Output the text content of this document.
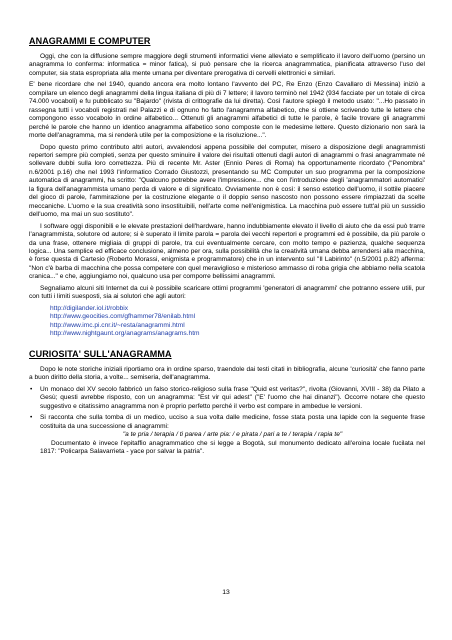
ANAGRAMMI E COMPUTER

Oggi, che con la diffusione sempre maggiore degli strumenti informatici viene alleviato e semplificato il lavoro dell'uomo (persino un anagramma lo conferma: informatica = minor fatica), si può pensare che la ricerca anagrammatica, pianificata attraverso l'uso del computer, sia stata espropriata alla mente umana per diventare prerogativa di cervelli elettronici e similari.

E' bene ricordare che nel 1940, quando ancora era molto lontano l'avvento del PC, Re Enzo (Enzo Cavallaro di Messina) iniziò a compilare un elenco degli anagrammi della lingua italiana di più di 7 lettere; il lavoro terminò nel 1942 (934 facciate per un totale di circa 74.000 vocaboli) e fu pubblicato su "Bajardo" (rivista di crittografie da lui diretta). Così l'autore spiegò il metodo usato: "...Ho passato in rassegna tutti i vocaboli registrati nel Palazzi e di ognuno ho fatto l'anagramma alfabetico, che si ottiene scrivendo tutte le lettere che compongono esso vocabolo in ordine alfabetico... Ottenuti gli anagrammi alfabetici di tutte le parole, è facile trovare gli anagrammi perché le parole che hanno un identico anagramma alfabetico sono composte con le medesime lettere. Questo dizionario non sarà la morte dell'anagramma, ma si renderà utile per la composizione e la risoluzione...".

Dopo questo primo contributo altri autori, avvalendosi appena possibile del computer, misero a disposizione degli anagrammisti repertori sempre più completi, senza per questo sminuire il valore dei risultati ottenuti dagli autori di anagrammi o frasi anagrammate né sollevare dubbi sulla loro correttezza. Più di recente Mr. Aster (Ennio Peres di Roma) ha opportunamente ricordato ("Penombra" n.6/2001 p.16) che nel 1993 l'informatico Corrado Giustozzi, presentando su MC Computer un suo programma per la composizione automatica di anagrammi, ha scritto: "Qualcuno potrebbe avere l'impressione... che con l'introduzione degli 'anagrammatori automatici' la figura dell'anagrammista umano perda di valore e di significato. Ovviamente non è così: il senso estetico dell'uomo, il sottile piacere del gioco di parole, l'ammirazione per la costruzione elegante o il doppio senso nascosto non possono essere rimpiazzati da scelte meccaniche. L'uomo e la sua creatività sono insostituibili, nell'arte come nell'enigmistica. La macchina può essere tutt'al più un sussidio dell'uomo, ma mai un suo sostituto".

I software oggi disponibili e le elevate prestazioni dell'hardware, hanno indubbiamente elevato il livello di aiuto che da essi può trarre l'anagrammista, solutore od autore; si è superato il limite parola = parola dei vecchi repertori e programmi ed è possibile, da più parole o da una frase, ottenere migliaia di gruppi di parole, tra cui eventualmente cercare, con molto tempo e pazienza, qualche sequenza logica... Una semplice ed efficace conclusione, almeno per ora, sulla possibilità che la creatività umana debba arrendersi alla macchina, è forse questa di Cartesio (Roberto Morassi, enigmista e programmatore) che in un intervento sul "Il Labirinto" (n.5/2001 p.82) afferma: "Non c'è barba di macchina che possa competere con quel meraviglioso e misterioso ammasso di roba grigia che abbiamo nella scatola cranica..." e che, aggiungiamo noi, qualcuno usa per comporre bellissimi anagrammi.

Segnaliamo alcuni siti Internet da cui è possibile scaricare ottimi programmi 'generatori di anagrammi' che potranno essere utili, pur con tutti i limiti suesposti, sia ai solutori che agli autori:

http://digilander.iol.it/robbix
http://www.geocities.com/gfhammer78/enilab.html
http://www.imc.pi.cnr.it/~resta/anagrammi.html
http://www.nightgaunt.org/anagrams/anagrams.htm
CURIOSITA' SULL'ANAGRAMMA

Dopo le note storiche iniziali riportiamo ora in ordine sparso, traendole dai testi citati in bibliografia, alcune 'curiosità' che fanno parte a buon diritto della storia, a volte... semiseria, dell'anagramma.

• Un monaco del XV secolo fabbricò un falso storico-religioso sulla frase "Quid est veritas?", rivolta (Giovanni, XVIII - 38) da Pilato a Gesù; questi avrebbe risposto, con un anagramma: "Est vir qui adest" ("E' l'uomo che hai dinanzi"). Occorre notare che questo suggestivo e citatissimo anagramma non è proprio perfetto perché il verbo est compare in ambedue le versioni.
• Si racconta che sulla tomba di un medico, ucciso a sua volta dalle medicine, fosse stata posta una lapide con la seguente frase costituita da una successione di anagrammi:
"a te pria / terapia / ti parea / arte pia: / e pirata / pari a te / terapia / rapia te"
Documentato è invece l'epitaffio anagrammatico che si legge a Bogotà, sul monumento dedicato all'eroina locale fucilata nel 1817: "Policarpa Salavarrieta - yace por salvar la patria".
13
